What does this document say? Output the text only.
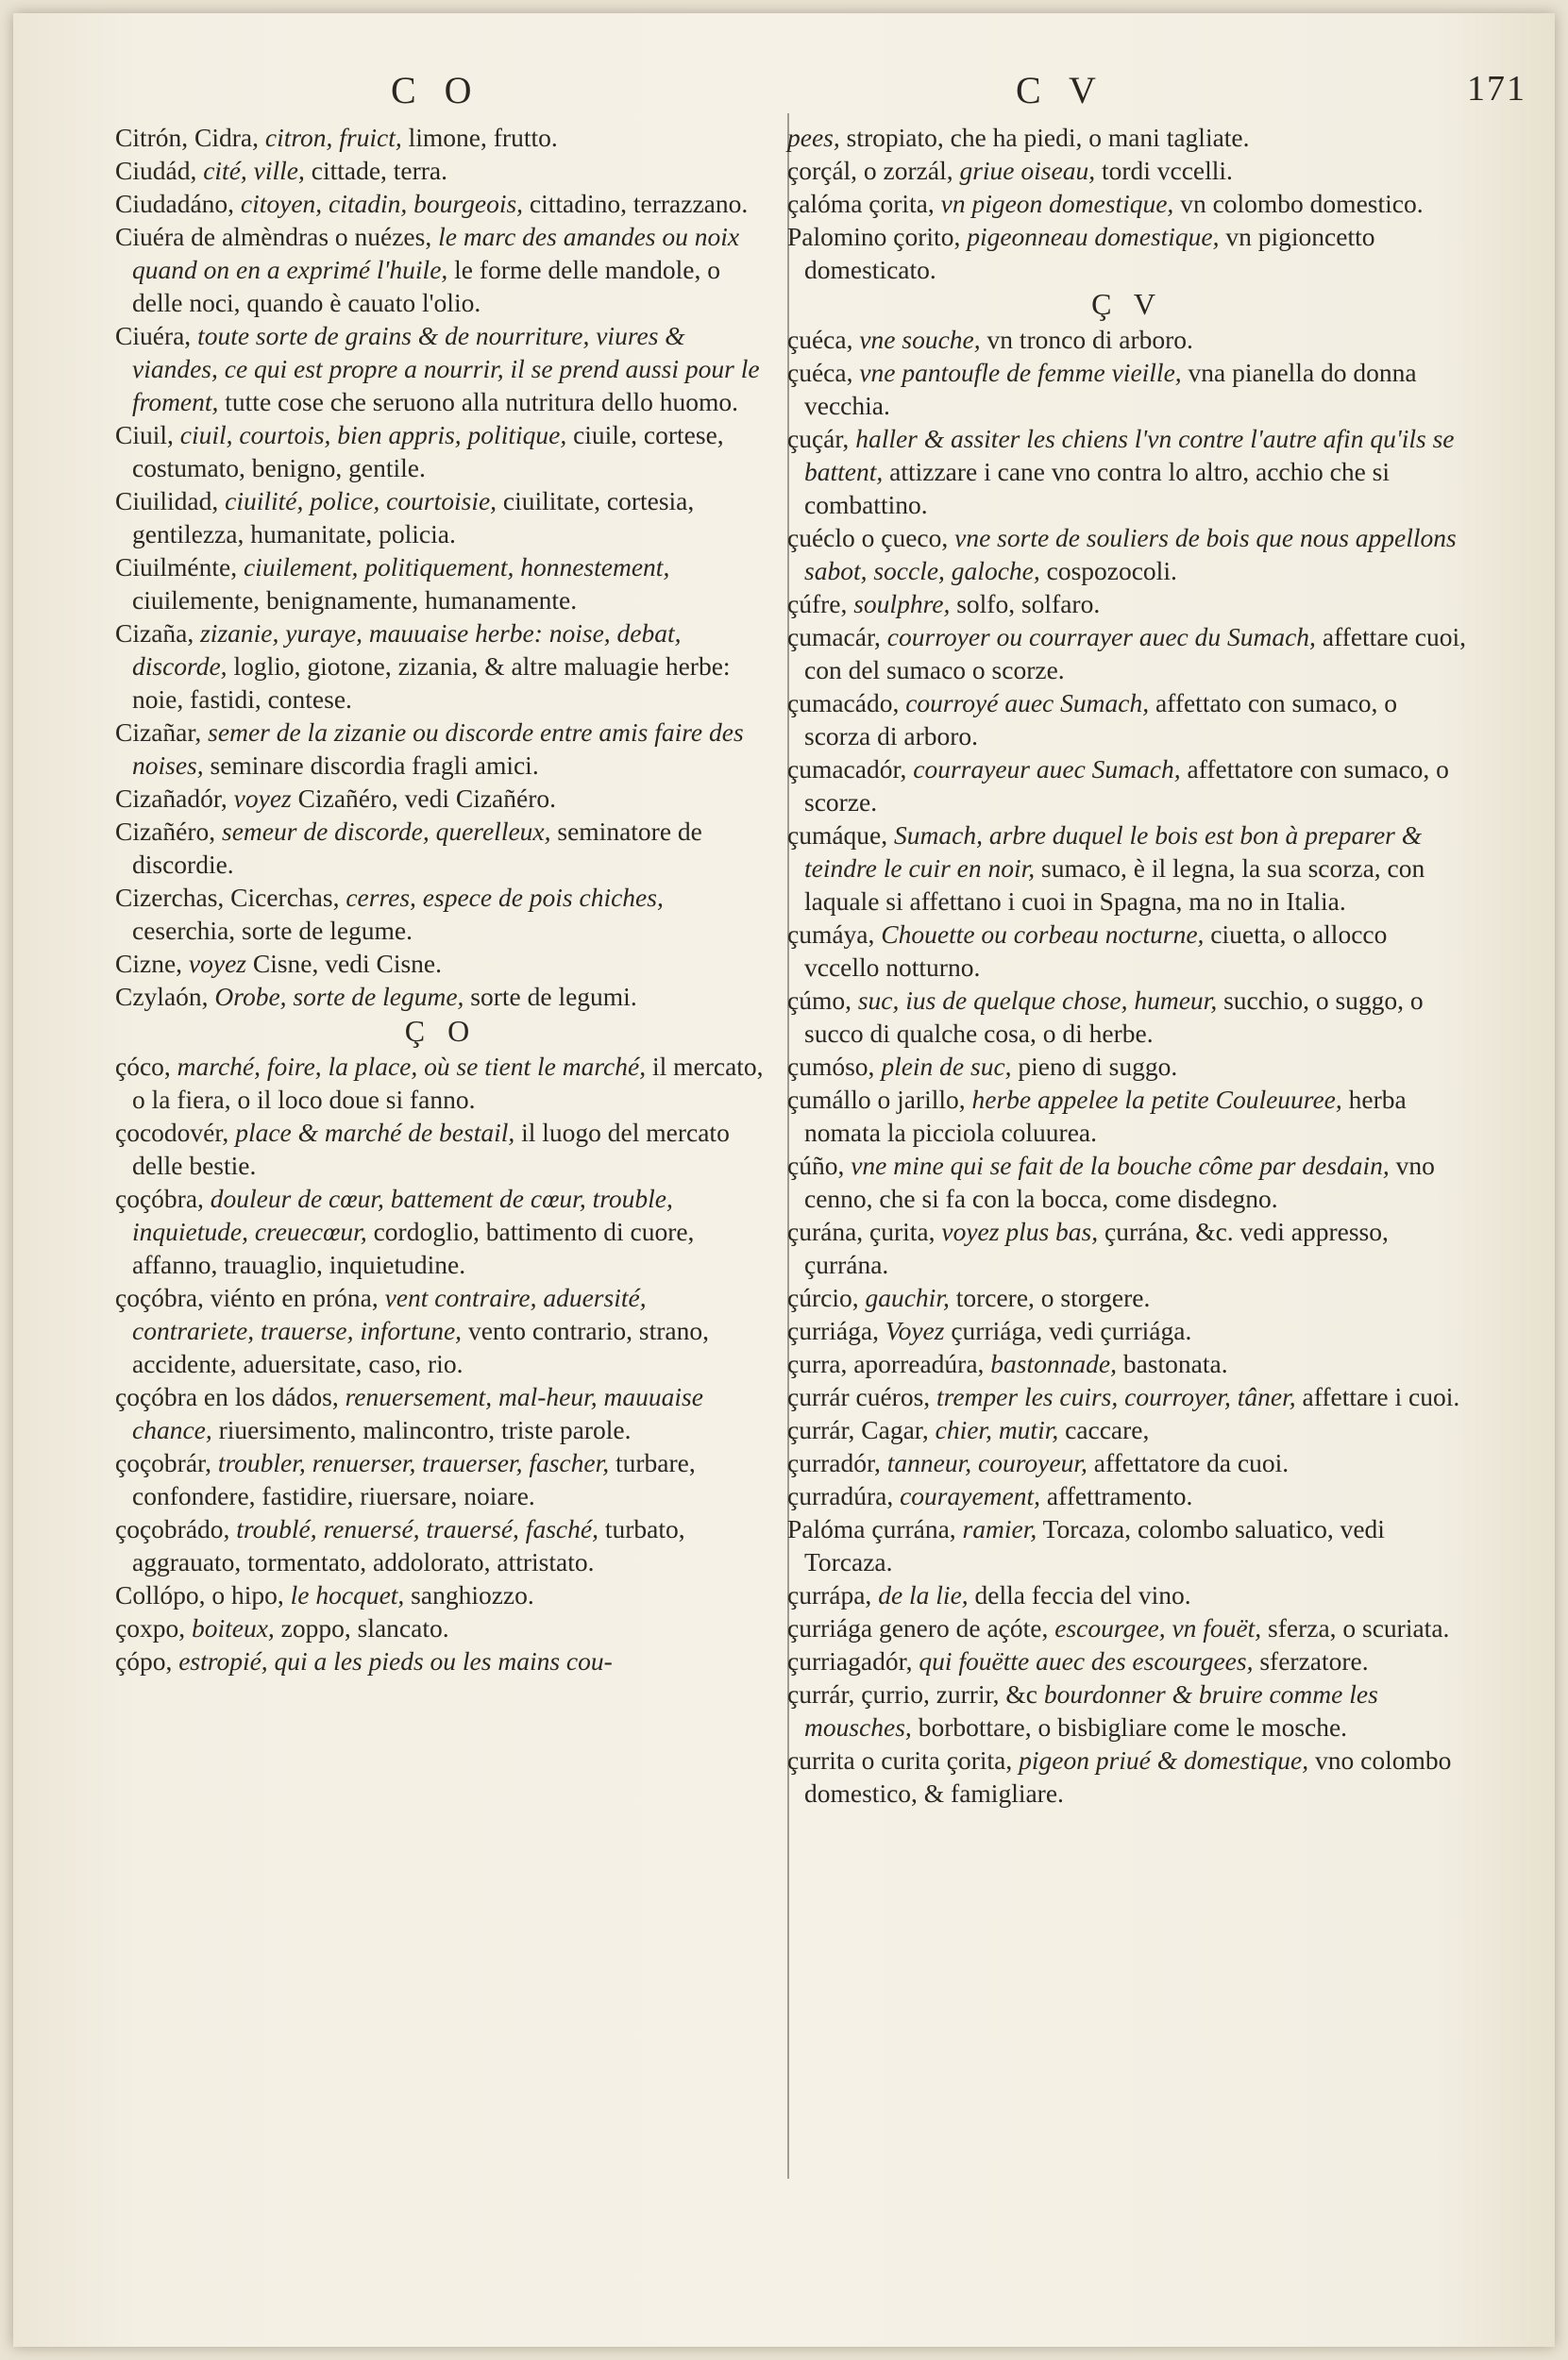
C O	C V	171
Citrón, Cidra, citron, fruict, limone, frutto.
Ciudád, cité, ville, cittade, terra.
Ciudadáno, citoyen, citadin, bourgeois, cittadino, terrazzano.
Ciuéra de almèndras o nuézes, le marc des amandes ou noix quand on en a exprimé l'huile, le forme delle mandole, o delle noci, quando è cauato l'olio.
Ciuéra, toute sorte de grains & de nourriture, viures & viandes, ce qui est propre a nourrir, il se prend aussi pour le froment, tutte cose che seruono alla nutritura dello huomo.
Ciuil, ciuil, courtois, bien appris, politique, ciuile, cortese, costumato, benigno, gentile.
Ciuilidad, ciuilité, police, courtoisie, ciuilitate, cortesia, gentilezza, humanitate, policia.
Ciuilménte, ciuilement, politiquement, honnestement, ciuilemente, benignamente, humanamente.
Cizaña, zizanie, yuraye, mauuaise herbe: noise, debat, discorde, loglio, giotone, zizania, & altre maluagie herbe: noie, fastidi, contese.
Cizañar, semer de la zizanie ou discorde entre amis faire des noises, seminare discordia fragli amici.
Cizañadór, voyez Cizañéro, vedi Cizañéro.
Cizañéro, semeur de discorde, querelleux, seminatore de discordie.
Cizerchas, Cicerchas, cerres, espece de pois chiches, ceserchia, sorte de legume.
Cizne, voyez Cisne, vedi Cisne.
Czylaón, Orobe, sorte de legume, sorte de legumi.
Ç O
çóco, marché, foire, la place, où se tient le marché, il mercato, o la fiera, o il loco doue si fanno.
çocodovér, place & marché de bestail, il luogo del mercato delle bestie.
çoçóbra, douleur de cœur, battement de cœur, trouble, inquietude, creuecœur, cordoglio, battimento di cuore, affanno, trauaglio, inquietudine.
çoçóbra, viénto en próna, vent contraire, aduersité, contrariete, trauerse, infortune, vento contrario, strano, accidente, aduersitate, caso, rio.
çoçóbra en los dádos, renuersement, mal-heur, mauuaise chance, riuersimento, malincontro, triste parole.
çoçobrár, troubler, renuerser, trauerser, fascher, turbare, confondere, fastidire, riuersare, noiare.
çoçobrádo, troublé, renuersé, trauersé, fasché, turbato, aggrauato, tormentato, addolorato, attristato.
Collópo, o hipo, le hocquet, sanghiozzo.
çoxpo, boiteux, zoppo, slancato.
çópo, estropié, qui a les pieds ou les mains cou-
pees, stropiato, che ha piedi, o mani tagliate.
çorçál, o zorzál, griue oiseau, tordi vccelli.
çalóma çorita, vn pigeon domestique, vn colombo domestico.
Palomino çorito, pigeonneau domestique, vn pigioncetto domesticato.
Ç V
çuéca, vne souche, vn tronco di arboro.
çuéca, vne pantoufle de femme vieille, vna pianella do donna vecchia.
çuçár, haller & assiter les chiens l'vn contre l'autre afin qu'ils se battent, attizzare i cane vno contra lo altro, acchio che si combattino.
çuéclo o çueco, vne sorte de souliers de bois que nous appellons sabot, soccle, galoche, cospozocoli.
çúfre, soulphre, solfo, solfaro.
çumacár, courroyer ou courrayer auec du Sumach, affettare cuoi, con del sumaco o scorze.
çumacádo, courroyé auec Sumach, affettato con sumaco, o scorza di arboro.
çumacadór, courrayeur auec Sumach, affettatore con sumaco, o scorze.
çumáque, Sumach, arbre duquel le bois est bon à preparer & teindre le cuir en noir, sumaco, è il legna, la sua scorza, con laquale si affettano i cuoi in Spagna, ma no in Italia.
çumáya, Chouette ou corbeau nocturne, ciuetta, o allocco vccello notturno.
çúmo, suc, ius de quelque chose, humeur, succhio, o suggo, o succo di qualche cosa, o di herbe.
çumóso, plein de suc, pieno di suggo.
çumállo o jarillo, herbe appelee la petite Couleuuree, herba nomata la picciola coluurea.
çúño, vne mine qui se fait de la bouche côme par desdain, vno cenno, che si fa con la bocca, come disdegno.
çurána, çurita, voyez plus bas, çurrána, &c. vedi appresso, çurrána.
çúrcio, gauchir, torcere, o storgere.
çurriága, Voyez çurriága, vedi çurriága.
çurra, aporreadúra, bastonnade, bastonata.
çurrár cuéros, tremper les cuirs, courroyer, tâner, affettare i cuoi.
çurrár, Cagar, chier, mutir, caccare,
çurradór, tanneur, couroyeur, affettatore da cuoi.
çurradúra, courayement, affettramento.
Palóma çurrána, ramier, Torcaza, colombo saluatico, vedi Torcaza.
çurrápa, de la lie, della feccia del vino.
çurriága genero de açóte, escourgee, vn fouët, sferza, o scuriata.
çurriagadór, qui fouëtte auec des escourgees, sferzatore.
çurrár, çurrio, zurrir, &c bourdonner & bruire comme les mousches, borbottare, o bisbigliare come le mosche.
çurrita o curita çorita, pigeon priué & domestique, vno colombo domestico, & famigliare.
